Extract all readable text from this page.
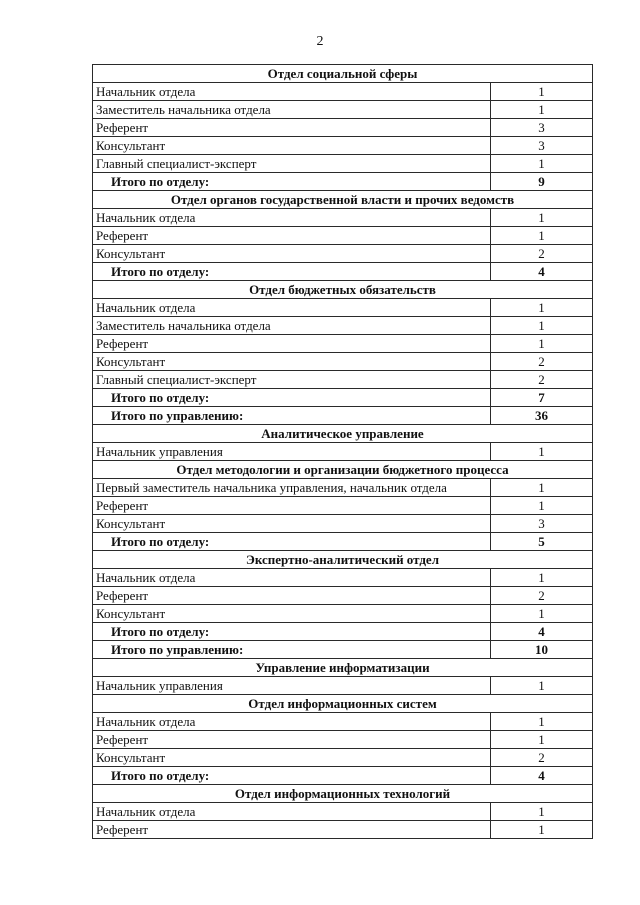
2
Отдел социальной сферы	
Начальник отдела	1
Заместитель начальника отдела	1
Референт	3
Консультант	3
Главный специалист-эксперт	1
Итого по отделу:	9
Отдел органов государственной власти и прочих ведомств	
Начальник отдела	1
Референт	1
Консультант	2
Итого по отделу:	4
Отдел бюджетных обязательств	
Начальник отдела	1
Заместитель начальника отдела	1
Референт	1
Консультант	2
Главный специалист-эксперт	2
Итого по отделу:	7
Итого по управлению:	36
Аналитическое управление	
Начальник управления	1
Отдел методологии и организации бюджетного процесса	
Первый заместитель начальника управления, начальник отдела	1
Референт	1
Консультант	3
Итого по отделу:	5
Экспертно-аналитический отдел	
Начальник отдела	1
Референт	2
Консультант	1
Итого по отделу:	4
Итого по управлению:	10
Управление информатизации	
Начальник управления	1
Отдел информационных систем	
Начальник отдела	1
Референт	1
Консультант	2
Итого по отделу:	4
Отдел информационных технологий	
Начальник отдела	1
Референт	1
